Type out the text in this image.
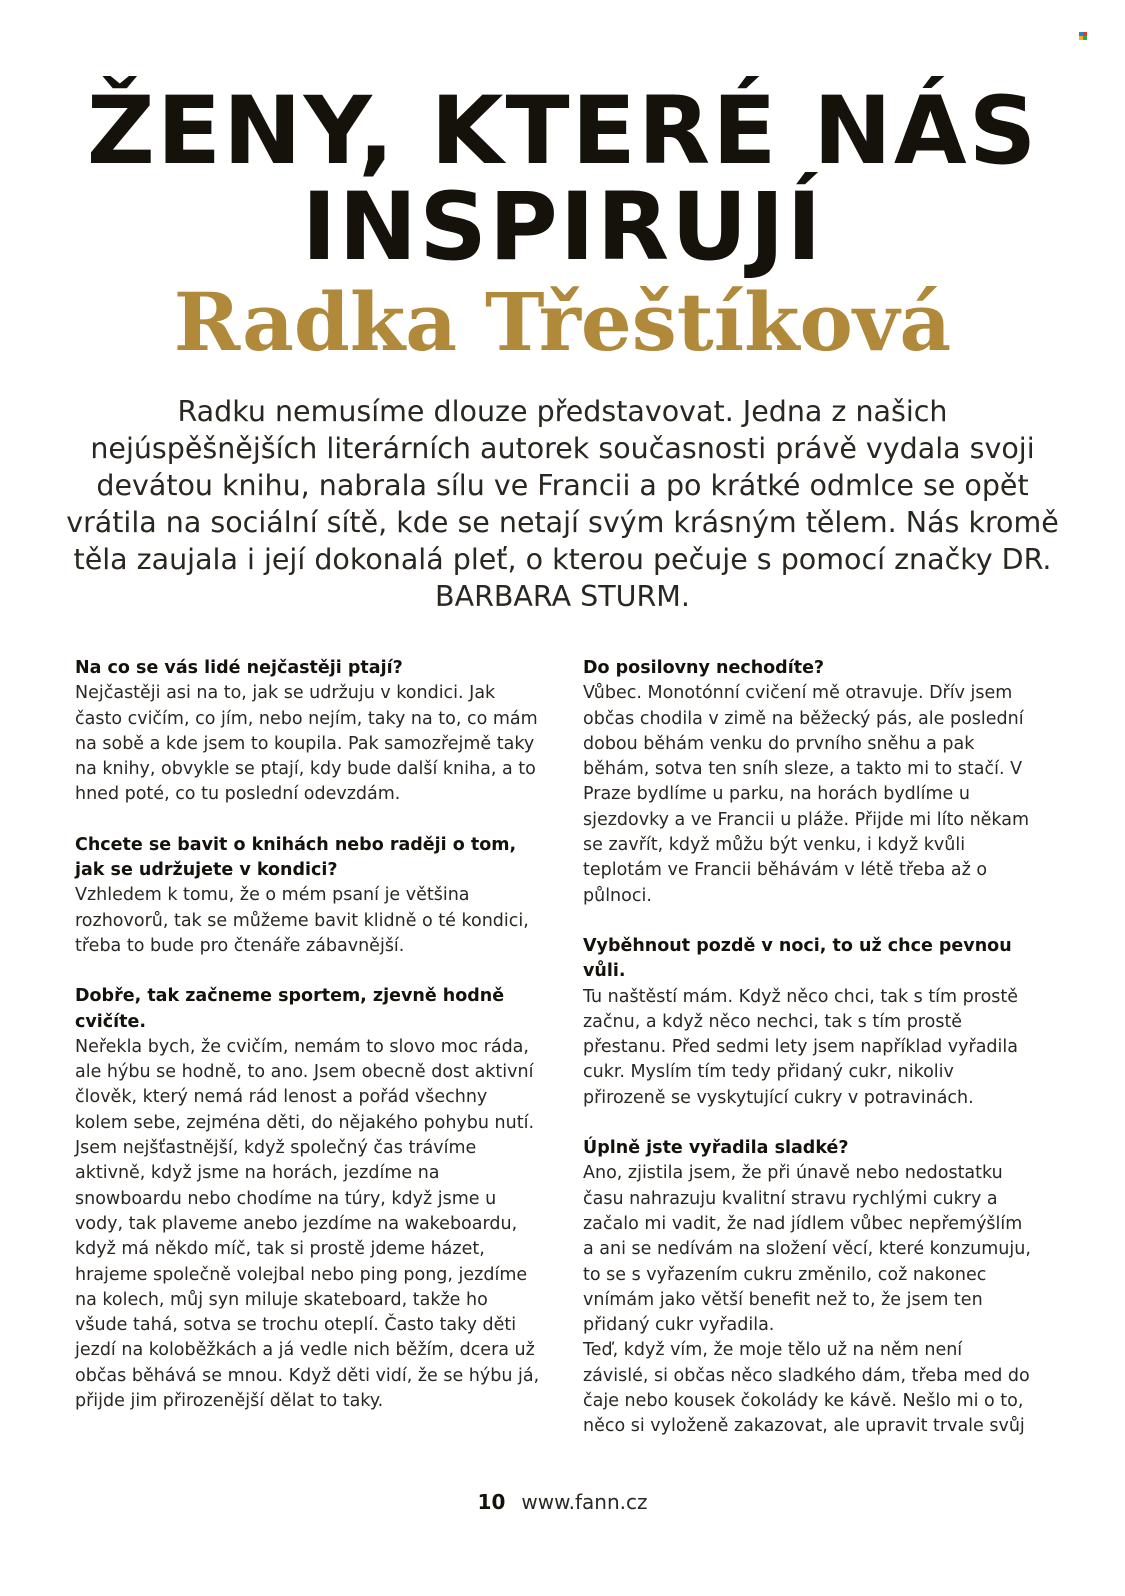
ŽENY, KTERÉ NÁS
INSPIRUJÍ
Radka Třeštíková

Radku nemusíme dlouze představovat. Jedna z našich nejúspěšnějších literárních autorek současnosti právě vydala svoji devátou knihu, nabrala sílu ve Francii a po krátké odmlce se opět vrátila na sociální sítě, kde se netají svým krásným tělem. Nás kromě těla zaujala i její dokonalá pleť, o kterou pečuje s pomocí značky DR. BARBARA STURM.

Na co se vás lidé nejčastěji ptají?

Nejčastěji asi na to, jak se udržuju v kondici. Jak často cvičím, co jím, nebo nejím, taky na to, co mám na sobě a kde jsem to koupila. Pak samozřejmě taky na knihy, obvykle se ptají, kdy bude další kniha, a to hned poté, co tu poslední odevzdám.

Chcete se bavit o knihách nebo raději o tom, jak se udržujete v kondici?

Vzhledem k tomu, že o mém psaní je většina rozhovorů, tak se můžeme bavit klidně o té kondici, třeba to bude pro čtenáře zábavnější.

Dobře, tak začneme sportem, zjevně hodně cvičíte.

Neřekla bych, že cvičím, nemám to slovo moc ráda, ale hýbu se hodně, to ano. Jsem obecně dost aktivní člověk, který nemá rád lenost a pořád všechny kolem sebe, zejména děti, do nějakého pohybu nutí. Jsem nejšťastnější, když společný čas trávíme aktivně, když jsme na horách, jezdíme na snowboardu nebo chodíme na túry, když jsme u vody, tak plaveme anebo jezdíme na wakeboardu, když má někdo míč, tak si prostě jdeme házet, hrajeme společně volejbal nebo ping pong, jezdíme na kolech, můj syn miluje skateboard, takže ho všude tahá, sotva se trochu oteplí. Často taky děti jezdí na koloběžkách a já vedle nich běžím, dcera už občas běhává se mnou. Když děti vidí, že se hýbu já, přijde jim přirozenější dělat to taky.

Do posilovny nechodíte?

Vůbec. Monotónní cvičení mě otravuje. Dřív jsem občas chodila v zimě na běžecký pás, ale poslední dobou běhám venku do prvního sněhu a pak běhám, sotva ten sníh sleze, a takto mi to stačí. V Praze bydlíme u parku, na horách bydlíme u sjezdovky a ve Francii u pláže. Přijde mi líto někam se zavřít, když můžu být venku, i když kvůli teplotám ve Francii běhávám v létě třeba až o půlnoci.

Vyběhnout pozdě v noci, to už chce pevnou vůli.

Tu naštěstí mám. Když něco chci, tak s tím prostě začnu, a když něco nechci, tak s tím prostě přestanu. Před sedmi lety jsem například vyřadila cukr. Myslím tím tedy přidaný cukr, nikoliv přirozeně se vyskytující cukry v potravinách.

Úplně jste vyřadila sladké?

Ano, zjistila jsem, že při únavě nebo nedostatku času nahrazuju kvalitní stravu rychlými cukry a začalo mi vadit, že nad jídlem vůbec nepřemýšlím a ani se nedívám na složení věcí, které konzumuju, to se s vyřazením cukru změnilo, což nakonec vnímám jako větší benefit než to, že jsem ten přidaný cukr vyřadila.

Teď, když vím, že moje tělo už na něm není závislé, si občas něco sladkého dám, třeba med do čaje nebo kousek čokolády ke kávě. Nešlo mi o to, něco si vyloženě zakazovat, ale upravit trvale svůj

10 www.fann.cz
